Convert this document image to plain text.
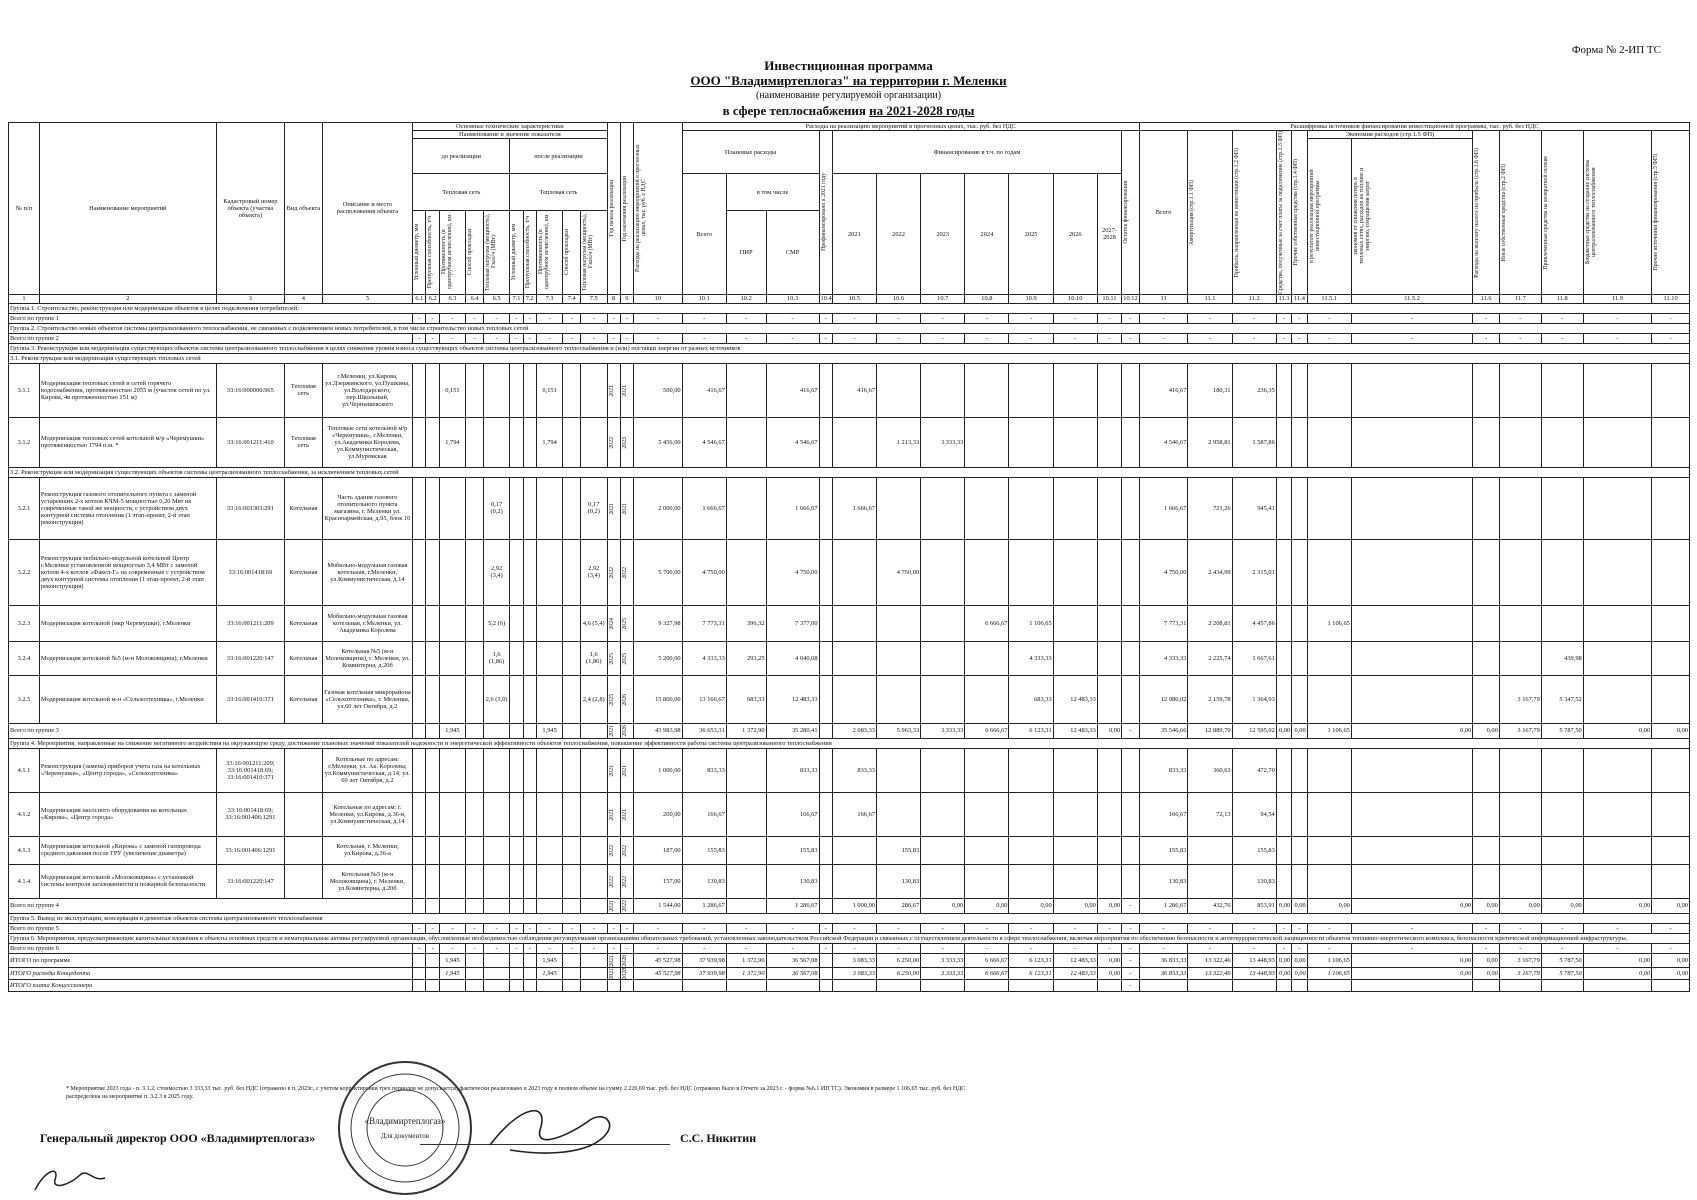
Форма № 2-ИП ТС
Инвестиционная программа
ООО "Владимиртеплогаз" на территории г. Меленки
(наименование регулируемой организации)
в сфере теплоснабжения на 2021-2028 годы
№ п/п	Наименование мероприятий	Кадастровый номер объекта (участка объекта)	Вид объекта	Описание и место расположения объекта	Основные технические характеристики										Год начала реализации	Год окончания реализации	Расходы на реализацию мероприятий в прогнозных ценах, тыс. руб. с НДС	Расходы на реализацию мероприятий в прогнозных ценах, тыс. руб. без НДС												Расшифровка источников финансирования инвестиционной программы, тыс. руб. без НДС											
					Наименование и значение показателя													Плановые расходы			Профинансировано к 2021 году	Финансирование в т.ч. по годам							Остаток финансирования	Всего	Амортизация (стр.1.1 ФП)	Прибыль, направленная на инвестиции (стр.1.2 ФП)	Средства, полученные за счет платы за подключение (стр.1.3 ФП)	Прочие собственные средства (стр.1.4 ФП)	Экономия расходов (стр.1.5 ФП)		Расходы на выплату налога на прибыль (стр.1.6 ФП)	Иные собственные средства (стр.2 ФП)	Привлеченные средства на возвратной основе	Бюджетные средства на создание системы централизованного теплоснабжения	Прочие источники финансирования (стр.5 ФП)

					до реализации					после реализации																									в результате реализации мероприятий инвестиционной программы	экономия от снижения потерь в тепловых сетях, расходов на топливо и энергию, сокращения затрат					

					Тепловая сеть					Тепловая сеть								Всего	в том числе			2021	2022	2023	2024	2025	2026	2027-2028													

					Условный диаметр, мм	Пропускная способность, т/ч	Протяженность (в однотрубном исчислении), км	Способ прокладки	Тепловая нагрузка (мощность), Гкал/ч (МВт)	Условный диаметр, мм	Пропускная способность, т/ч	Протяженность (в однотрубном исчислении), км	Способ прокладки	Тепловая нагрузка (мощность), Гкал/ч (МВт)					ПИР	СМР																					
1	2	3	4	5	6.1	6.2	6.3	6.4	6.5	7.1	7.2	7.3	7.4	7.5	8	9	10	10.1	10.2	10.3	10.4	10.5	10.6	10.7	10.8	10.9	10.10	10.11	10.12	11	11.1	11.2	11.3	11.4	11.5.1	11.5.2	11.6	11.7	11.8	11.9	11.10
Группа 1. Строительство, реконструкция или модернизация объектов в целях подключения потребителей:																																									
Всего по группе 1					-	-	-	-	-	-	-	-	-	-	-	-	-	-	-	-	-	-	-	-	-	-	-	-	-	-	-	-	-	-	-	-	-	-	-	-	-
Группа 2. Строительство новых объектов системы централизованного теплоснабжения, не связанных с подключением новых потребителей, в том числе строительство новых тепловых сетей																																									
Всего по группе 2					-	-	-	-	-	-	-	-	-	-	-	-	-	-	-	-	-	-	-	-	-	-	-	-	-	-	-	-	-	-	-	-	-	-	-	-	-
Группа 3. Реконструкция или модернизация существующих объектов системы централизованного теплоснабжения в целях снижения уровня износа существующих объектов системы централизованного теплоснабжения и (или) поставки энергии от разных источников																																									
3.1. Реконструкция или модернизация существующих тепловых сетей																																									
3.1.1	Модернизация тепловых сетей и сетей горячего водоснабжения, протяженностью 2955 м (участок сетей по ул. Кирова, 4в протяженностью 151 м)	33:16:000000:965	Тепловая сеть	г.Меленки, ул.Кирова, ул.Дзержинского, ул.Пушкина, ул.Володарского, пер.Школьный, ул.Чернышевского			0,151					0,151			2021	2021	500,00	416,67		416,67		416,67								416,67	180,31	236,35									
3.1.2	Модернизация тепловых сетей котельной м/р «Черемушки» протяженностью 1794 п.м. *	33:16:001211:410	Тепловая сеть	Тепловые сети котельной м/р «Черемушки», г.Меленки, ул.Академика Королева, ул.Коммунистическая, ул.Муромская			1,794					1,794			2022	2023	5 456,00	4 546,67		4 546,67			1 213,33	3 333,33						4 546,67	2 958,81	1 587,86									
3.2. Реконструкция или модернизация существующих объектов системы централизованного теплоснабжения, за исключением тепловых сетей																																									
3.2.1	Реконструкция газового отопительного пункта с заменой устаревших 2-х котлов КЧМ-5 мощностью 0,20 Мвт на современные такой же мощности, с устройством двух контурной системы отопления (1 этап-проект, 2-й этап реконструкция)	33:16:001303:291	Котельная	Часть здания газового отопительного пункта магазина, г. Меленки ул. Красноармейская, д.95, блок 10					0,17 (0,2)					0,17 (0,2)	2021	2021	2 000,00	1 666,67		1 666,67		1 666,67								1 666,67	721,26	945,41									
3.2.2	Реконструкция мобильно-модульной котельной Центр г.Меленки установленной мощностью 3,4 МВт с заменой котлов 4-х котлов «Факел-Г» на современные с устройством двух контурной системы отопления (1 этап-проект, 2-й этап реконструкция)	33:16:001418:69	Котельная	Мобильно-модульная газовая котельная, г.Меленки, ул.Коммунистическая, д.14					2,92 (3,4)					2,92 (3,4)	2022	2022	5 700,00	4 750,00		4 750,00			4 750,00							4 750,00	2 434,99	2 315,01									
3.2.3	Модернизация котельной (мкр Черемушки), г.Меленки	33:16:001211:209	Котельная	Мобильно-модульная газовая котельная, г.Меленки, ул. Академика Королева					5,2 (6)					4,6 (5,4)	2024	2025	9 327,98	7 773,31	396,32	7 377,00					6 666,67	1 106,65				7 773,31	2 208,81	4 457,86			1 106,65						
3.2.4	Модернизация котельной №5 (м-н Молоковщина), г.Меленки	33:16:001220:147	Котельная	Котельная №5 (м-н Молоковщина), г. Меленки, ул. Коминтерна, д.20б					1,6 (1,86)					1,6 (1,86)	2025	2025	5 200,00	4 333,33	293,25	4 040,08						4 333,33				4 333,33	2 225,74	1 667,61							439,98		
3.2.5	Модернизация котельной м-н «Сельхозтехника», г.Меленки	33:16:001410:371	Котельная	Газовая котельная микрорайона «Сельхозтехника», г. Меленки, ул.60 лет Октября, д.2					2,6 (3,0)					2,4 (2,8)	2025	2026	15 800,00	13 166,67	683,33	12 483,33						683,33	12 483,33			12 080,02	2 159,78	1 364,93						3 167,79	5 347,52		
Всего по группе 3							1,945					1,945			2021	2026	43 983,98	36 653,31	1 372,90	35 280,41		2 083,33	5 963,33	3 333,33	6 666,67	6 123,31	12 483,33	0,00	-	35 546,66	12 889,70	12 595,02	0,00	0,00	1 106,65	0,00	0,00	3 167,79	5 787,50	0,00	0,00
Группа 4. Мероприятия, направленные на снижение негативного воздействия на окружающую среду, достижение плановых значений показателей надежности и энергетической эффективности объектов теплоснабжения, повышение эффективности работы системы централизованного теплоснабжения																																									
4.1.1	Реконструкция (замена) приборов учета газа на котельных «Черемушки», «Центр города», «Сельхозтехника»	33:16:001211:209; 33:16:001418:69; 33:16:001410:371		Котельные по адресам: г.Меленки, ул. Ак. Королева; ул.Коммунистическая, д.14; ул. 60 лет Октября, д.2											2021	2021	1 000,00	833,33		833,33		833,33								833,33	360,63	472,70									
4.1.2	Модернизация насосного оборудования на котельных «Кирова», «Центр города»	33:16:001418:69; 33:16:001406:1291		Котельные по адресам: г. Меленки, ул.Кирова, д.36-в, ул.Коммунистическая, д.14											2021	2021	200,00	166,67		166,67		166,67								166,67	72,13	94,54									
4.1.3	Модернизация котельной «Кирова» с заменой газопровода среднего давления после ГРУ (увеличение диаметра)	33:16:001406:1291		Котельная, г. Меленки, ул.Кирова, д.36-а											2022	2022	187,00	155,83		155,83			155,83							155,83		155,83									
4.1.4	Модернизация котельной «Молоковщина» с установкой системы контроля загазованности и пожарной безопасности	33:16:001220:147		Котельная №5 (м-н Молоковщина), г. Меленки, ул.Коминтерна, д.20б											2022	2022	157,00	130,83		130,83			130,83							130,83		130,83									
Всего по группе 4															2021	2022	1 544,00	1 286,67		1 286,67		1 000,00	286,67	0,00	0,00	0,00	0,00	0,00	-	1 286,67	432,76	853,91	0,00	0,00	0,00	0,00	0,00	0,00	0,00	0,00	0,00
Группа 5. Вывод из эксплуатации, консервация и демонтаж объектов системы централизованного теплоснабжения																																									
Всего по группе 5					-	-	-	-	-	-	-	-	-	-	-	-	-	-	-	-	-	-	-	-	-	-	-	-	-	-	-	-	-	-	-	-	-	-	-	-	-
Группа 6. Мероприятия, предусматривающие капитальные вложения в объекты основных средств и нематериальные активы регулируемой организации, обусловленные необходимостью соблюдения регулируемыми организациями обязательных требований, установленных законодательством Российской Федерации и связанных с осуществлением деятельности в сфере теплоснабжения, включая мероприятия по обеспечению безопасности и антитеррористической защищенности объектов топливно-энергетического комплекса, безопасности критической информационной инфраструктуры.																																									
Всего по группе 6					-	-	-	-	-	-	-	-	-	-	-	-	-	-	-	-	-	-	-	-	-	-	-	-	-	-	-	-	-	-	-	-	-	-	-	-	-
ИТОГО по программе							1,945					1,945			2021	2028	45 527,98	37 939,98	1 372,90	36 567,08		3 083,33	6 250,00	3 333,33	6 666,67	6 123,31	12 483,33	0,00	-	36 833,33	13 322,46	13 448,93	0,00	0,00	1 106,65	0,00	0,00	3 167,79	5 787,50	0,00	0,00
ИТОГО расходы Концедента							1,945					1,945			2021	2028	45 527,98	37 939,98	1 372,90	36 567,08		3 083,33	6 250,00	3 333,33	6 666,67	6 123,31	12 483,33	0,00	-	36 833,33	13 322,46	13 448,93	0,00	0,00	1 106,65	0,00	0,00	3 167,79	5 787,50	0,00	0,00
ИТОГО плата Концессионера																													-												
* Мероприятие 2023 года - п. 3.1.2, стоимостью 3 333,33 тыс. руб. без НДС (отражено в п. 2023г., с учетом корректировки трех периодов не допускается) фактически реализовано в 2023 году в полном объеме на сумму 2 226,69 тыс. руб. без НДС (отражено было в Отчете за 2023 г. - форма №6.1 ИП ТС). Экономия в размере 1 106,65 тыс. руб. без НДС распределена на мероприятие п. 3.2.3 в 2025 году.
Генеральный директор ООО «Владимиртеплогаз»	С.С. Никитин
«Владимиртеплогаз»
Для документов
